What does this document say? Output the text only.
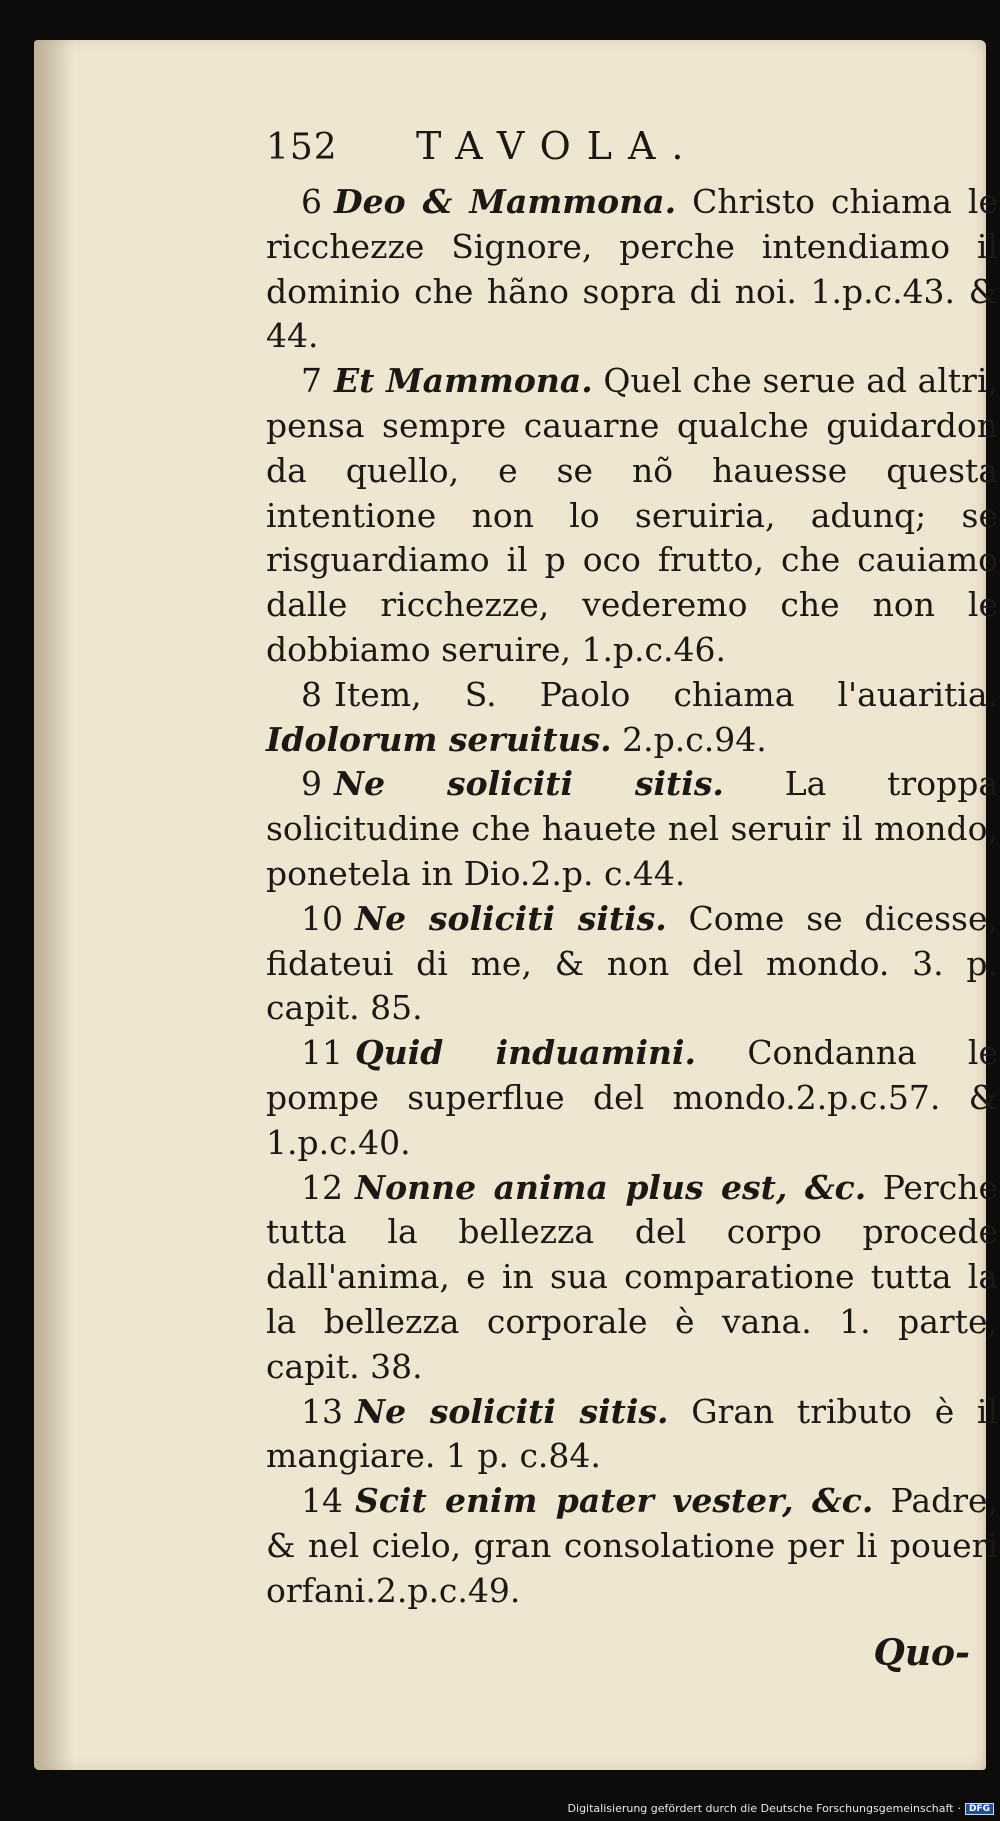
152	TAVOLA.
6 Deo & Mammona. Christo chiama le ricchezze Signore, perche intendiamo il dominio che hãno sopra di noi. 1.p.c.43. & 44.
7 Et Mammona. Quel che serue ad altri, pensa sempre cauarne qualche guidardon da quello, e se nõ hauesse questa intentione non lo seruiria, adunq; se risguardiamo il p oco frutto, che cauiamo dalle ricchezze, vederemo che non le dobbiamo seruire, 1.p.c.46.
8 Item, S. Paolo chiama l'auaritia. Idolorum seruitus. 2.p.c.94.
9 Ne soliciti sitis. La troppa solicitudine che hauete nel seruir il mondo, ponetela in Dio.2.p. c.44.
10 Ne soliciti sitis. Come se dicesse, fidateui di me, & non del mondo. 3. p. capit. 85.
11 Quid induamini. Condanna le pompe superflue del mondo.2.p.c.57. & 1.p.c.40.
12 Nonne anima plus est, &c. Perche tutta la bellezza del corpo procede dall'anima, e in sua comparatione tutta la la bellezza corporale è vana. 1. parte, capit. 38.
13 Ne soliciti sitis. Gran tributo è il mangiare. 1 p. c.84.
14 Scit enim pater vester, &c. Padre, & nel cielo, gran consolatione per li poueri orfani.2.p.c.49.
Quo-
Digitalisierung gefördert durch die Deutsche Forschungsgemeinschaft · DFG
